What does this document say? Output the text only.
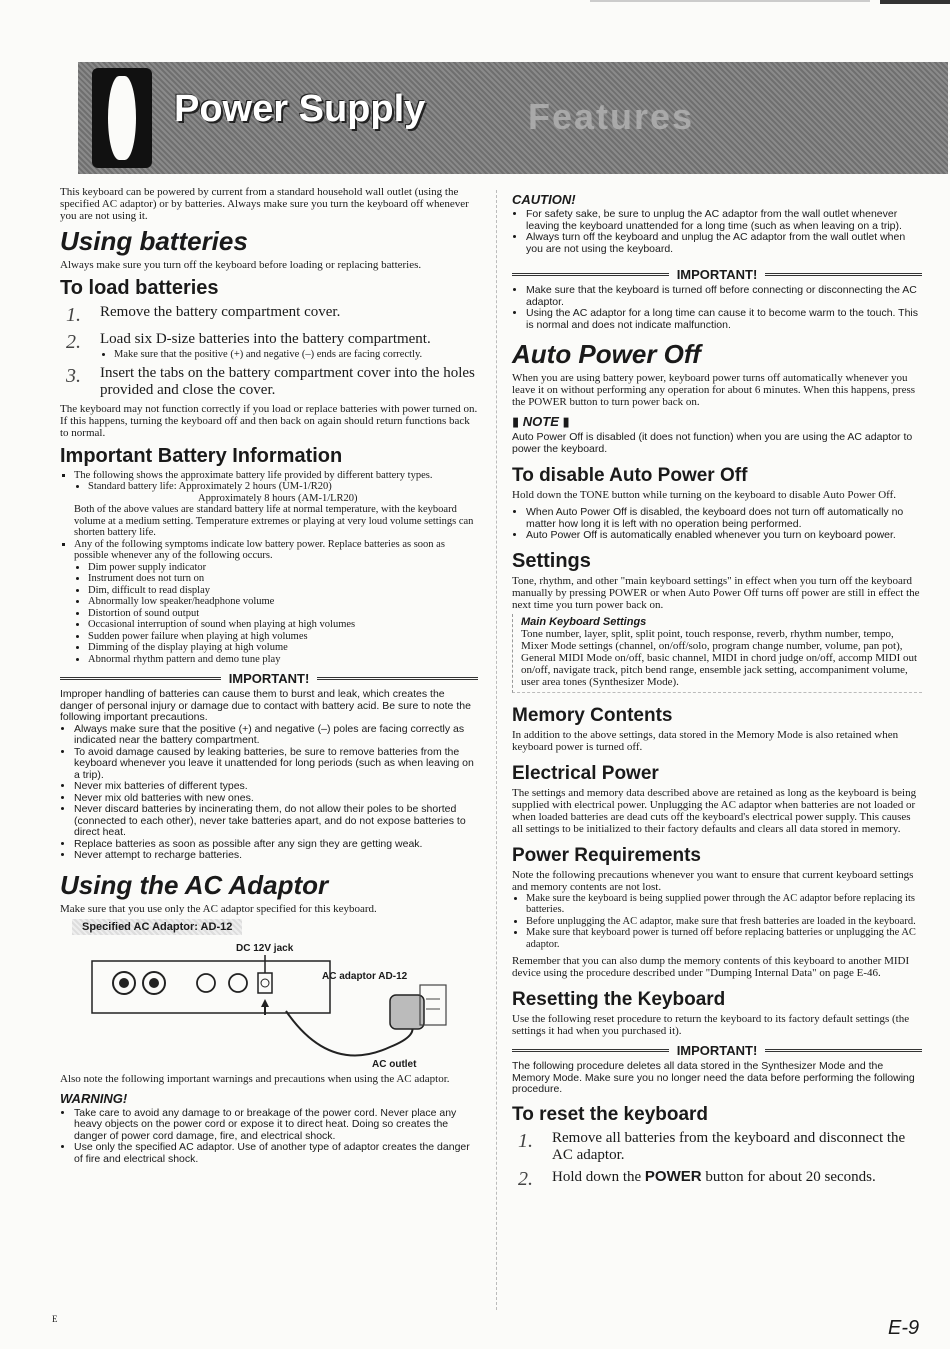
Power Supply	Features

This keyboard can be powered by current from a standard household wall outlet (using the specified AC adaptor) or by batteries. Always make sure you turn the keyboard off whenever you are not using it.

Using batteries

Always make sure you turn off the keyboard before loading or replacing batteries.

To load batteries
1.	Remove the battery compartment cover.
2.	Load six D-size batteries into the battery compartment.
• Make sure that the positive (+) and negative (–) ends are facing correctly.
3.	Insert the tabs on the battery compartment cover into the holes provided and close the cover.

The keyboard may not function correctly if you load or replace batteries with power turned on. If this happens, turning the keyboard off and then back on again should return functions back to normal.

Important Battery Information
▪ The following shows the approximate battery life provided by different battery types.
• Standard battery life: Approximately 2 hours (UM-1/R20)
Approximately 8 hours (AM-1/LR20)
Both of the above values are standard battery life at normal temperature, with the keyboard volume at a medium setting. Temperature extremes or playing at very loud volume settings can shorten battery life.
▪ Any of the following symptoms indicate low battery power. Replace batteries as soon as possible whenever any of the following occurs.
• Dim power supply indicator
• Instrument does not turn on
• Dim, difficult to read display
• Abnormally low speaker/headphone volume
• Distortion of sound output
• Occasional interruption of sound when playing at high volumes
• Sudden power failure when playing at high volumes
• Dimming of the display playing at high volume
• Abnormal rhythm pattern and demo tune play
IMPORTANT!

Improper handling of batteries can cause them to burst and leak, which creates the danger of personal injury or damage due to contact with battery acid. Be sure to note the following important precautions.

• Always make sure that the positive (+) and negative (–) poles are facing correctly as indicated near the battery compartment.
• To avoid damage caused by leaking batteries, be sure to remove batteries from the keyboard whenever you leave it unattended for long periods (such as when leaving on a trip).
• Never mix batteries of different types.
• Never mix old batteries with new ones.
• Never discard batteries by incinerating them, do not allow their poles to be shorted (connected to each other), never take batteries apart, and do not expose batteries to direct heat.
• Replace batteries as soon as possible after any sign they are getting weak.
• Never attempt to recharge batteries.
Using the AC Adaptor

Make sure that you use only the AC adaptor specified for this keyboard.

Specified AC Adaptor: AD-12
DC 12V jack
AC adaptor AD-12
AC outlet

Also note the following important warnings and precautions when using the AC adaptor.

WARNING!
• Take care to avoid any damage to or breakage of the power cord. Never place any heavy objects on the power cord or expose it to direct heat. Doing so creates the danger of power cord damage, fire, and electrical shock.
• Use only the specified AC adaptor. Use of another type of adaptor creates the danger of fire and electrical shock.
CAUTION!
• For safety sake, be sure to unplug the AC adaptor from the wall outlet whenever leaving the keyboard unattended for a long time (such as when leaving on a trip).
• Always turn off the keyboard and unplug the AC adaptor from the wall outlet when you are not using the keyboard.
IMPORTANT!
• Make sure that the keyboard is turned off before connecting or disconnecting the AC adaptor.
• Using the AC adaptor for a long time can cause it to become warm to the touch. This is normal and does not indicate malfunction.
Auto Power Off

When you are using battery power, keyboard power turns off automatically whenever you leave it on without performing any operation for about 6 minutes. When this happens, press the POWER button to turn power back on.

▮ NOTE ▮

Auto Power Off is disabled (it does not function) when you are using the AC adaptor to power the keyboard.

To disable Auto Power Off

Hold down the TONE button while turning on the keyboard to disable Auto Power Off.

• When Auto Power Off is disabled, the keyboard does not turn off automatically no matter how long it is left with no operation being performed.
• Auto Power Off is automatically enabled whenever you turn on keyboard power.
Settings

Tone, rhythm, and other "main keyboard settings" in effect when you turn off the keyboard manually by pressing POWER or when Auto Power Off turns off power are still in effect the next time you turn power back on.

Main Keyboard Settings

Tone number, layer, split, split point, touch response, reverb, rhythm number, tempo, Mixer Mode settings (channel, on/off/solo, program change number, volume, pan pot), General MIDI Mode on/off, basic channel, MIDI in chord judge on/off, accomp MIDI out on/off, navigate track, pitch bend range, ensemble jack setting, accompaniment volume, user area tones (Synthesizer Mode).

Memory Contents

In addition to the above settings, data stored in the Memory Mode is also retained when keyboard power is turned off.

Electrical Power

The settings and memory data described above are retained as long as the keyboard is being supplied with electrical power. Unplugging the AC adaptor when batteries are not loaded or when loaded batteries are dead cuts off the keyboard's electrical power supply. This causes all settings to be initialized to their factory defaults and clears all data stored in memory.

Power Requirements

Note the following precautions whenever you want to ensure that current keyboard settings and memory contents are not lost.

• Make sure the keyboard is being supplied power through the AC adaptor before replacing its batteries.
• Before unplugging the AC adaptor, make sure that fresh batteries are loaded in the keyboard.
• Make sure that keyboard power is turned off before replacing batteries or unplugging the AC adaptor.

Remember that you can also dump the memory contents of this keyboard to another MIDI device using the procedure described under "Dumping Internal Data" on page E-46.

Resetting the Keyboard

Use the following reset procedure to return the keyboard to its factory default settings (the settings it had when you purchased it).

IMPORTANT!

The following procedure deletes all data stored in the Synthesizer Mode and the Memory Mode. Make sure you no longer need the data before performing the following procedure.

To reset the keyboard
1.	Remove all batteries from the keyboard and disconnect the AC adaptor.
2.	Hold down the POWER button for about 20 seconds.
E	E-9
